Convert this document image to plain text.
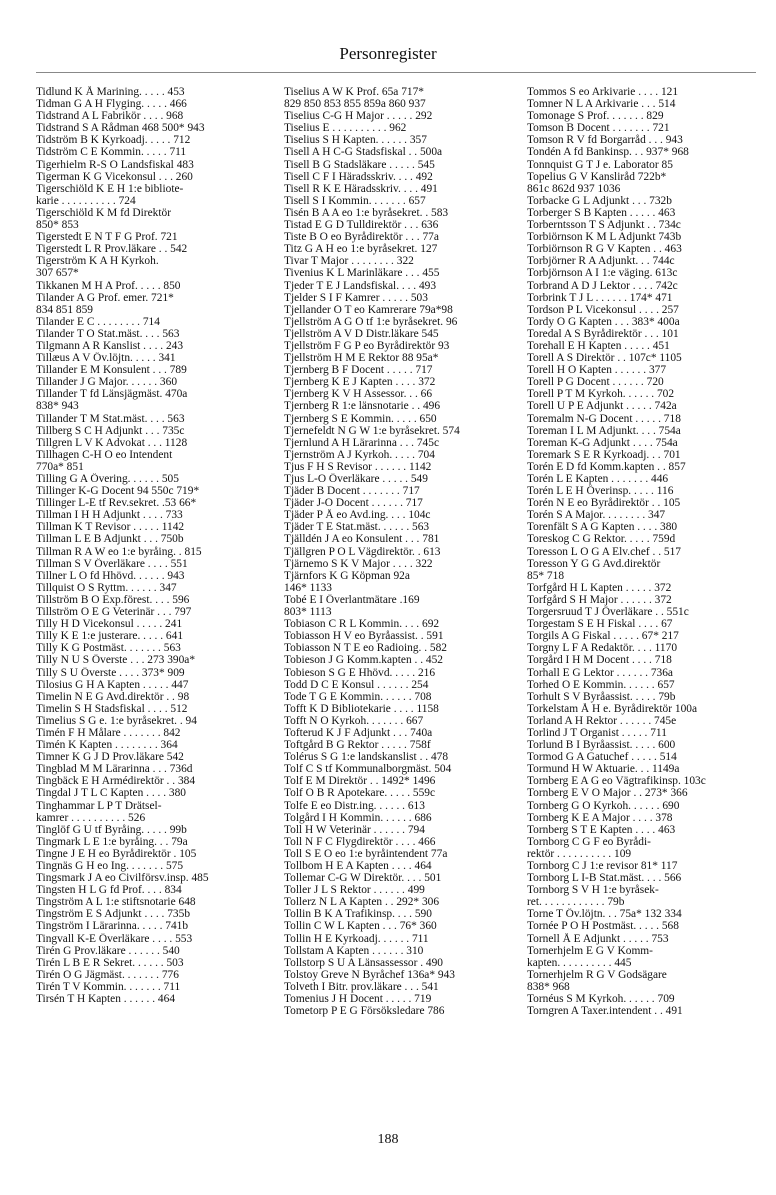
Personregister
Tidlund K Å Marining. . . . . 453
Tidman G A H Flyging. . . . . 466
Tidstrand A L Fabrikör . . . . 968
Tidstrand S A Rådman 468 500* 943
Tidström B K Kyrkoadj. . . . . 712
Tidström C E Kommin. . . . . 711
Tigerhielm R-S O Landsfiskal 483
Tigerman K G Vicekonsul . . . 260
Tigerschiöld K E H 1:e bibliote-
karie . . . . . . . . . . 724
Tigerschiöld K M fd Direktör
850* 853
Tigerstedt E N T F G Prof. 721
Tigerstedt L R Prov.läkare . . 542
Tigerström K A H Kyrkoh.
307 657*
Tikkanen M H A Prof. . . . . 850
Tilander A G Prof. emer. 721*
834 851 859
Tilander E C . . . . . . . . 714
Tilander T O Stat.mäst. . . . 563
Tilgmann A R Kanslist . . . . 243
Tillæus A V Öv.löjtn. . . . . 341
Tillander E M Konsulent . . . 789
Tillander J G Major. . . . . . 360
Tillander T fd Länsjägmäst. 470a
838* 943
Tillander T M Stat.mäst. . . . 563
Tillberg S C H Adjunkt . . . 735c
Tillgren L V K Advokat . . . 1128
Tillhagen C-H O eo Intendent
770a* 851
Tilling G A Övering. . . . . . 505
Tillinger K-G Docent 94 550c 719*
Tillinger L-E tf Rev.sekret. .53 66*
Tillman I H H Adjunkt . . . . 733
Tillman K T Revisor . . . . . 1142
Tillman L E B Adjunkt . . . 750b
Tillman R A W eo 1:e byråing. . 815
Tillman S V Överläkare . . . . 551
Tillner L O fd Hhövd. . . . . . 943
Tillquist O S Ryttm. . . . . . 347
Tillström B O Exp.förest. . . . 596
Tillström O E G Veterinär . . . 797
Tilly H D Vicekonsul . . . . . 241
Tilly K E 1:e justerare. . . . . 641
Tilly K G Postmäst. . . . . . . 563
Tilly N U S Överste . . . 273 390a*
Tilly S U Överste . . . . 373* 909
Tilosius G H A Kapten . . . . . 447
Timelin N E G Avd.direktör . . 98
Timelin S H Stadsfiskal . . . . 512
Timelius S G e. 1:e byråsekret. . 94
Timén F H Målare . . . . . . . 842
Timén K Kapten . . . . . . . . 364
Timner K G J D Prov.läkare 542
Tingblad M M Lärarinna . . . 736d
Tingbäck E H Armédirektör . . 384
Tingdal J T L C Kapten . . . . 380
Tinghammar L P T Drätsel-
kamrer . . . . . . . . . . 526
Tinglöf G U tf Byråing. . . . . 99b
Tingmark L E 1:e byråing. . . 79a
Tingne J E H eo Byrådirektör . 105
Tingnäs G H eo Ing. . . . . . . 575
Tingsmark J A eo Civilförsv.insp. 485
Tingsten H L G fd Prof. . . . 834
Tingström A L 1:e stiftsnotarie 648
Tingström E S Adjunkt . . . . 735b
Tingström I Lärarinna. . . . . 741b
Tingvall K-E Överläkare . . . . 553
Tirén G Prov.läkare . . . . . . 540
Tirén L B E R Sekret. . . . . . 503
Tirén O G Jägmäst. . . . . . . 776
Tirén T V Kommin. . . . . . . 711
Tirsén T H Kapten . . . . . . 464
Tiselius A W K Prof. 65a 717*
829 850 853 855 859a 860 937
Tiselius C-G H Major . . . . . 292
Tiselius E . . . . . . . . . . 962
Tiselius S H Kapten. . . . . . 357
Tisell A H C-G Stadsfiskal . . 500a
Tisell B G Stadsläkare . . . . . 545
Tisell C F I Häradsskriv. . . . 492
Tisell R K E Häradsskriv. . . . 491
Tisell S I Kommin. . . . . . . 657
Tisén B A A eo 1:e byråsekret. . 583
Tistad E G D Tulldirektör . . . 636
Tiste B O eo Byrådirektör . . . 77a
Titz G A H eo 1:e byråsekret. 127
Tivar T Major . . . . . . . . 322
Tivenius K L Marinläkare . . . 455
Tjeder T E J Landsfiskal. . . . 493
Tjelder S I F Kamrer . . . . . 503
Tjellander O T eo Kamrerare 79a*98
Tjellström A G O tf 1:e byråsekret. 96
Tjellström A V D Distr.läkare 545
Tjellström F G P eo Byrådirektör 93
Tjellström H M E Rektor 88 95a*
Tjernberg B F Docent . . . . . 717
Tjernberg K E J Kapten . . . . 372
Tjernberg K V H Assessor. . . 66
Tjernberg R 1:e länsnotarie . . 496
Tjernberg S E Kommin. . . . . 650
Tjernefeldt N G W 1:e byråsekret. 574
Tjernlund A H Lärarinna . . . 745c
Tjernström A J Kyrkoh. . . . . 704
Tjus F H S Revisor . . . . . . 1142
Tjus L-O Överläkare . . . . . 549
Tjäder B Docent . . . . . . . 717
Tjäder J-O Docent . . . . . . 717
Tjäder P Å eo Avd.ing. . . . 104c
Tjäder T E Stat.mäst. . . . . . 563
Tjälldén J A eo Konsulent . . . 781
Tjällgren P O L Vägdirektör. . 613
Tjärnemo S K V Major . . . . 322
Tjärnfors K G Köpman 92a
146* 1133
Tobé E I Överlantmätare .169
803* 1113
Tobiason C R L Kommin. . . . 692
Tobiasson H V eo Byråassist. . 591
Tobiasson N T E eo Radioing. . 582
Tobieson J G Komm.kapten . . 452
Tobieson S G E Hhövd. . . . . 216
Todd D C E Konsul . . . . . . 254
Tode T G E Kommin. . . . . . 708
Tofft K D Bibliotekarie . . . . 1158
Tofft N O Kyrkoh. . . . . . . 667
Tofterud K J F Adjunkt . . . 740a
Toftgård B G Rektor . . . . . 758f
Tolérus S G 1:e landskanslist . . 478
Tolf C S tf Kommunalborgmäst. 504
Tolf E M Direktör . . 1492* 1496
Tolf O B R Apotekare. . . . . 559c
Tolfe E eo Distr.ing. . . . . . 613
Tolgård I H Kommin. . . . . . 686
Toll H W Veterinär . . . . . . 794
Toll N F C Flygdirektör . . . . 466
Toll S E O eo 1:e byråintendent 77a
Tollbom H E A Kapten . . . . 464
Tollemar C-G W Direktör. . . . 501
Toller J L S Rektor . . . . . . 499
Tollerz N L A Kapten . . 292* 306
Tollin B K A Trafikinsp. . . . 590
Tollin C W L Kapten . . . 76* 360
Tollin H E Kyrkoadj. . . . . . 711
Tollstam A Kapten . . . . . . 310
Tollstorp S U A Länsassessor . 490
Tolstoy Greve N Byråchef 136a* 943
Tolveth I Bitr. prov.läkare . . . 541
Tomenius J H Docent . . . . . 719
Tometorp P E G Försöksledare 786
Tommos S eo Arkivarie . . . . 121
Tomner N L A Arkivarie . . . 514
Tomonage S Prof. . . . . . . 829
Tomson B Docent . . . . . . . 721
Tomson R V fd Borgarråd . . . 943
Tondén A fd Bankinsp. . . 937* 968
Tonnquist G T J e. Laborator 85
Topelius G V Kansliråd 722b*
861c 862d 937 1036
Torbacke G L Adjunkt . . . 732b
Torberger S B Kapten . . . . . 463
Torberntsson T S Adjunkt . . 734c
Torbiörnson K M L Adjunkt 743b
Torbiörnson R G V Kapten . . 463
Torbjörner R A Adjunkt. . . 744c
Torbjörnson A I 1:e väging. 613c
Torbrand A D J Lektor . . . . 742c
Torbrink T J L . . . . . . 174* 471
Tordson P L Vicekonsul . . . . 257
Tordy O G Kapten . . . 383* 400a
Toredal A S Byrådirektör . . . 101
Torehall E H Kapten . . . . . 451
Torell A S Direktör . . 107c* 1105
Torell H O Kapten . . . . . . 377
Torell P G Docent . . . . . . 720
Torell P T M Kyrkoh. . . . . . 702
Torell U P E Adjunkt . . . . . 742a
Toremalm N-G Docent . . . . . 718
Toreman I L M Adjunkt. . . . 754a
Toreman K-G Adjunkt . . . . 754a
Toremark S E R Kyrkoadj. . . 701
Torén E D fd Komm.kapten . . 857
Torén L E Kapten . . . . . . . 446
Torén L E H Överinsp. . . . . 116
Torén N E eo Byrådirektör . . 105
Torén S A Major. . . . . . . . 347
Torenfält S A G Kapten . . . . 380
Toreskog C G Rektor. . . . . 759d
Toresson L O G A Elv.chef . . 517
Toresson Y G G Avd.direktör
85* 718
Torfgård H L Kapten . . . . . 372
Torfgård S H Major . . . . . . 372
Torgersruud T J Överläkare . . 551c
Torgestam S E H Fiskal . . . . 67
Torgils A G Fiskal . . . . . 67* 217
Torgny L F A Redaktör. . . . 1170
Torgård I H M Docent . . . . 718
Torhall E G Lektor . . . . . . 736a
Torhed O E Kommin. . . . . . 657
Torhult S V Byråassist. . . . . 79b
Torkelstam Å H e. Byrådirektör 100a
Torland A H Rektor . . . . . . 745e
Torlind J T Organist . . . . . 711
Torlund B I Byråassist. . . . . 600
Tormod G A Gatuchef . . . . . 514
Tormund H W Aktuarie. . . 1149a
Tornberg E A G eo Vägtrafikinsp. 103c
Tornberg E V O Major . . 273* 366
Tornberg G O Kyrkoh. . . . . . 690
Tornberg K E A Major . . . . 378
Tornberg S T E Kapten . . . . 463
Tornborg C G F eo Byrådi-
rektör . . . . . . . . . . 109
Tornborg C J 1:e revisor 81* 117
Tornborg L I-B Stat.mäst. . . . 566
Tornborg S V H 1:e byråsek-
ret. . . . . . . . . . . . 79b
Torne T Öv.löjtn. . . 75a* 132 334
Tornée P O H Postmäst. . . . . 568
Tornell Å E Adjunkt . . . . . 753
Tornerhjelm E G V Komm-
kapten. . . . . . . . . . 445
Tornerhjelm R G V Godsägare
838* 968
Tornéus S M Kyrkoh. . . . . . 709
Torngren A Taxer.intendent . . 491
188
